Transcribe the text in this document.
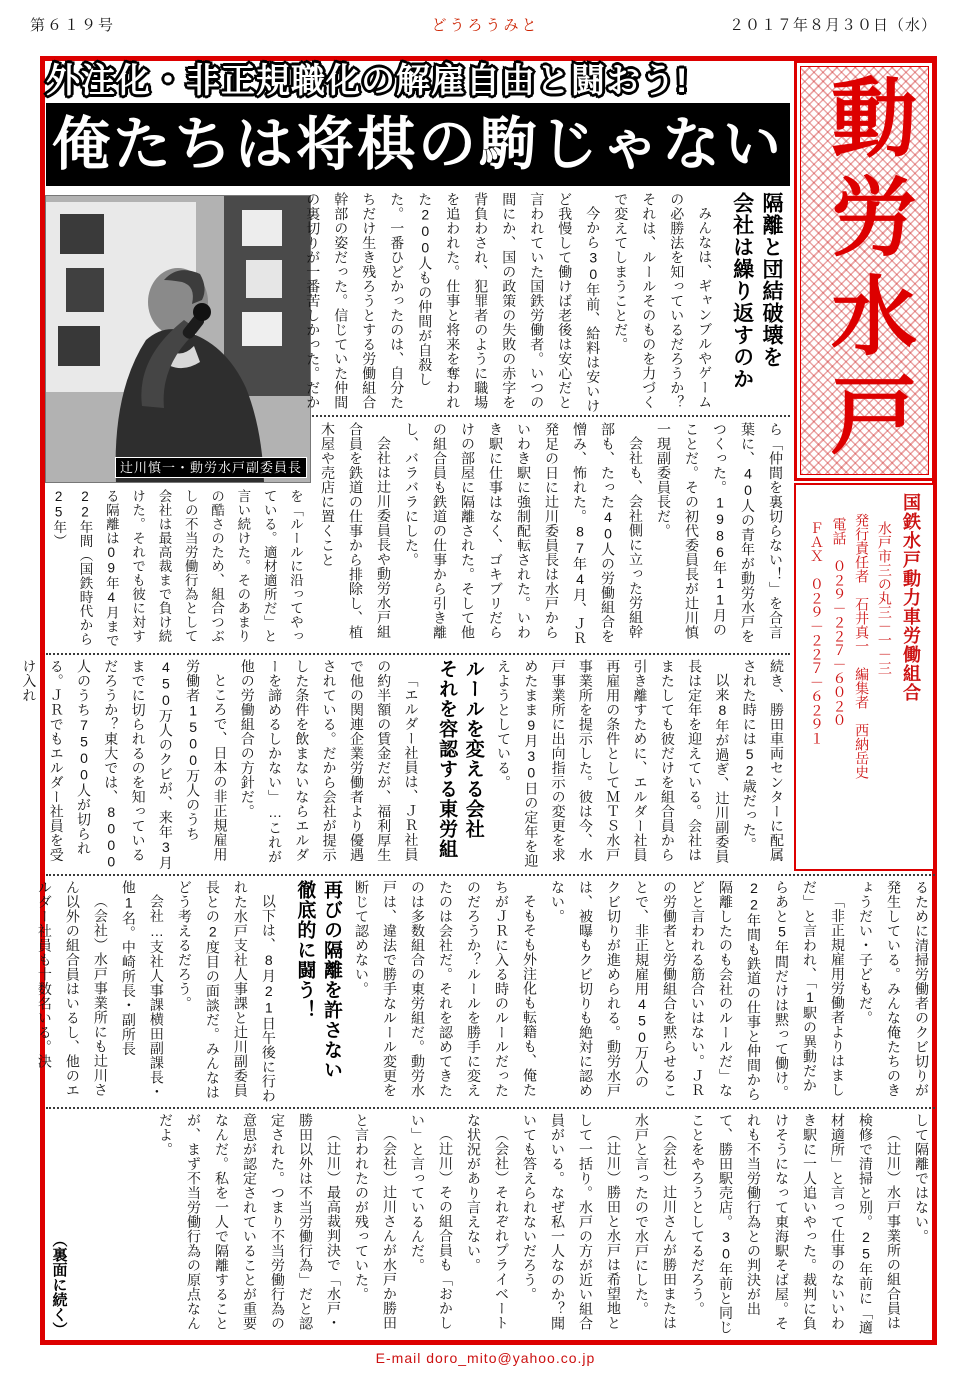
第６１９号	どうろうみと	２０１７年８月３０日（水）
外注化・非正規職化の解雇自由と闘おう!
俺たちは将棋の駒じゃない 動労水戸
国鉄水戸動力車労働組合
水戸市三の丸三－一－三
発行責任者　石井真一　編集者　西納岳史
電話　０２９－２２７－６０２０
ＦＡＸ　０２９－２２７－６２９１
辻川慎一・動労水戸副委員長
隔離と団結破壊を
会社は繰り返すのか

みんなは、ギャンブルやゲームの必勝法を知っているだろうか？それは、ルールそのものを力づくで変えてしまうことだ。

今から30年前、給料は安いけど我慢して働けば老後は安心だと言われていた国鉄労働者。いつの間にか、国の政策の失敗の赤字を背負わされ、犯罪者のように職場を追われた。仕事と将来を奪われた200人もの仲間が自殺した。一番ひどかったのは、自分たちだけ生き残ろうとする労働組合幹部の姿だった。信じていた仲間の裏切りが一番苦しかった。だか

ら「仲間を裏切らない！」を合言葉に、40人の青年が動労水戸をつくった。1986年11月のことだ。その初代委員長が辻川慎一現副委員長だ。

会社も、会社側に立った労組幹部も、たった40人の労働組合を憎み、怖れた。87年4月、ＪＲ発足の日に辻川委員長は水戸からいわき駅に強制配転された。いわき駅に仕事はなく、ゴキブリだらけの部屋に隔離された。そして他の組合員も鉄道の仕事から引き離し、バラバラにした。

会社は辻川委員長や動労水戸組合員を鉄道の仕事から排除し、植木屋や売店に置くこと

を「ルールに沿ってやっている。適材適所だ」と言い続けた。そのあまりの酷さのため、組合つぶしの不当労働行為として会社は最高裁まで負け続けた。それでも彼に対する隔離は09年4月まで22年間（国鉄時代から25年）

続き、勝田車両センターに配属された時には52歳だった。

以来8年が過ぎ、辻川副委員長は定年を迎えている。会社はまたしても彼だけを組合員から引き離すために、エルダー社員再雇用の条件としてＭＴＳ水戸事業所を提示した。彼は今、水戸事業所に出向指示の変更を求めたまま9月30日の定年を迎えようとしている。

ルールを変える会社
それを容認する東労組

「エルダー社員は、ＪＲ社員の約半額の賃金だが、福利厚生で他の関連企業労働者より優遇されている。だから会社が提示した条件を飲まないならエルダーを諦めるしかない」…これが他の労働組合の方針だ。

ところで、日本の非正規雇用労働者1500万人のうち450万人のクビが、来年3月までに切られるのを知っているだろうか？東大では、8000人のうち7500人が切られる。ＪＲでもエルダー社員を受け入れ

るために清掃労働者のクビ切りが発生している。みんな俺たちのきょうだい・子どもだ。

「非正規雇用労働者よりはましだ」と言われ、「1駅の異動だからあと5年間だけは黙って働け。22年間も鉄道の仕事と仲間から隔離したのも会社のルールだ」などと言われる筋合いはない。ＪＲの労働者と労働組合を黙らせることで、非正規雇用450万人のクビ切りが進められる。動労水戸は、被曝もクビ切りも絶対に認めない。

そもそも外注化も転籍も、俺たちがＪＲに入る時のルールだったのだろうか？ルールを勝手に変えたのは会社だ。それを認めてきたのは多数組合の東労組だ。動労水戸は、違法で勝手なルール変更を断じて認めない。

再びの隔離を許さない
徹底的に闘う！

以下は、8月21日午後に行われた水戸支社人事課と辻川副委員長との2度目の面談だ。みんなはどう考えるだろう。

会社…支社人事課横田副課長・他1名。中崎所長・副所長

（会社）水戸事業所にも辻川さん以外の組合員はいるし、他のエルダー社員も十数名いる。決

して隔離ではない。

（辻川）水戸事業所の組合員は検修で清掃と別。25年前に「適材適所」と言って仕事のないいわき駅に一人追いやった。裁判に負けそうになって東海駅そば屋。それも不当労働行為との判決が出て、勝田駅売店。30年前と同じことをやろうとしてるだろう。

（会社）辻川さんが勝田または水戸と言ったので水戸にした。

（辻川）勝田と水戸は希望地として一括り。水戸の方が近い組合員がいる。なぜ私一人なのか？聞いても答えられないだろう。

（会社）それぞれプライベートな状況があり言えない。

（辻川）その組合員も「おかしい」と言っているんだ。

（会社）辻川さんが水戸か勝田と言われたのが残っていた。

（辻川）最高裁判決で「水戸・勝田以外は不当労働行為」だと認定された。つまり不当労働行為の意思が認定されていることが重要なんだ。私を一人で隔離することが、まず不当労働行為の原点なんだよ。

（裏面に続く）
E-mail doro_mito@yahoo.co.jp
